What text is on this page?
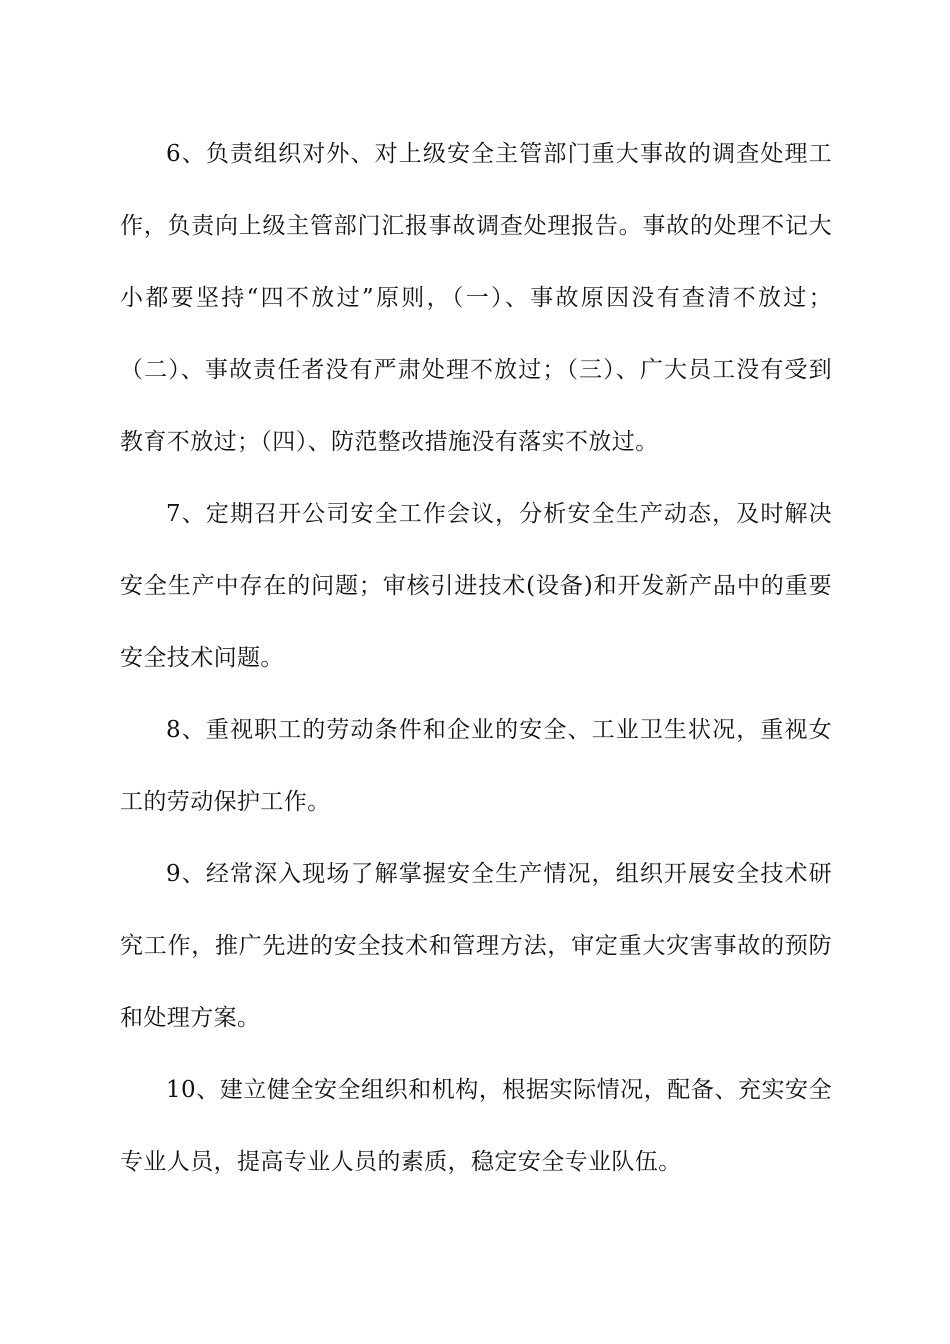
6、负责组织对外、对上级安全主管部门重大事故的调查处理工作，负责向上级主管部门汇报事故调查处理报告。事故的处理不记大小都要坚持“四不放过”原则，（一）、事故原因没有查清不放过；（二）、事故责任者没有严肃处理不放过；（三）、广大员工没有受到教育不放过；（四）、防范整改措施没有落实不放过。

7、定期召开公司安全工作会议，分析安全生产动态，及时解决安全生产中存在的问题；审核引进技术(设备)和开发新产品中的重要安全技术问题。

8、重视职工的劳动条件和企业的安全、工业卫生状况，重视女工的劳动保护工作。

9、经常深入现场了解掌握安全生产情况，组织开展安全技术研究工作，推广先进的安全技术和管理方法，审定重大灾害事故的预防和处理方案。

10、建立健全安全组织和机构，根据实际情况，配备、充实安全专业人员，提高专业人员的素质，稳定安全专业队伍。
